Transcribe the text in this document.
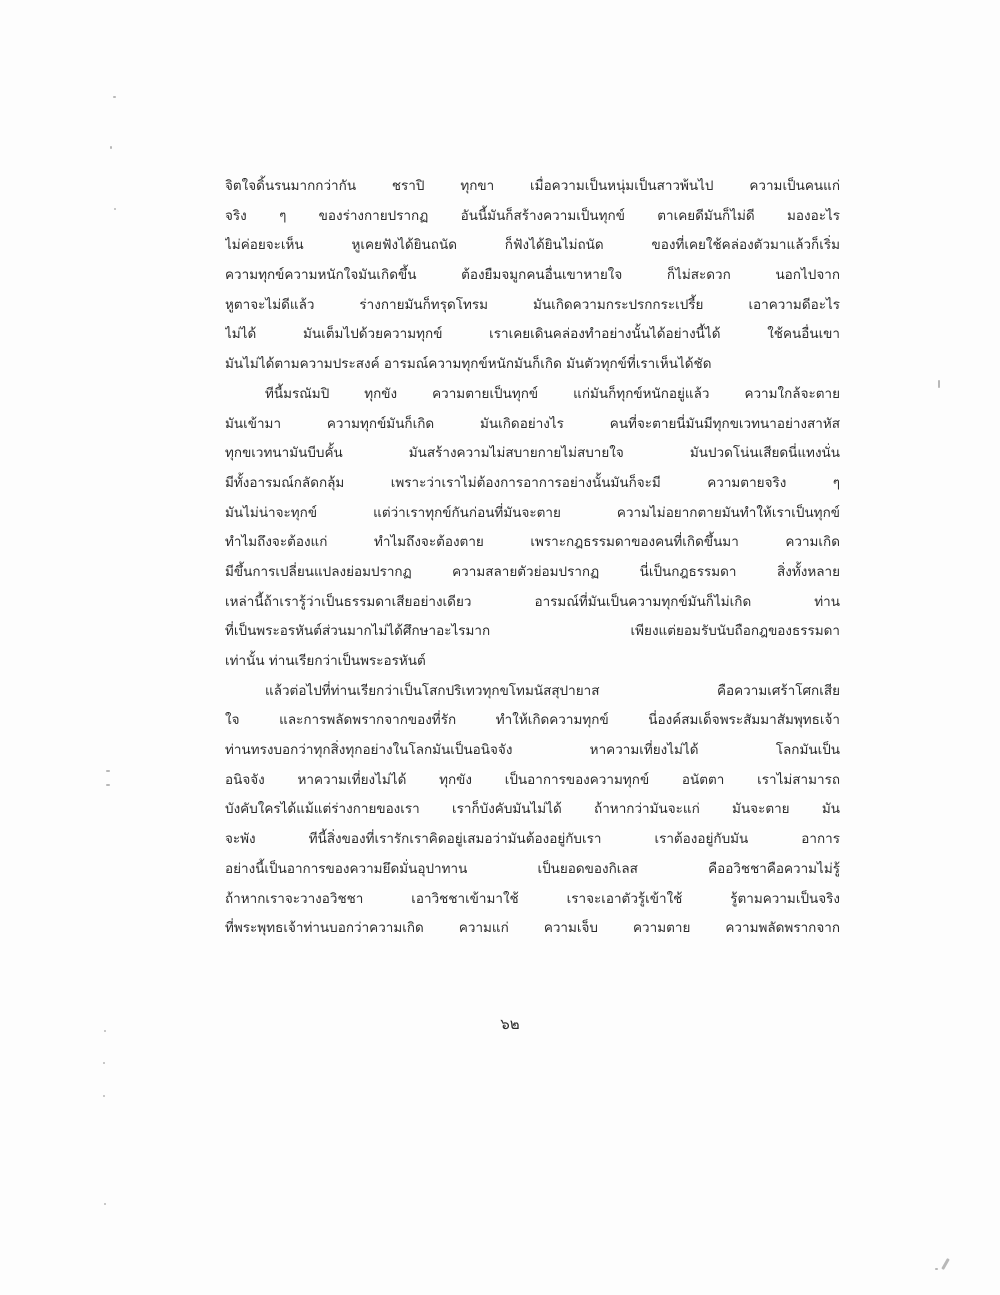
จิตใจดิ้นรนมากกว่ากัน ชราปิ ทุกขา เมื่อความเป็นหนุ่มเป็นสาวพ้นไป ความเป็นคนแก่
จริง ๆ ของร่างกายปรากฏ อันนี้มันก็สร้างความเป็นทุกข์ ตาเคยดีมันก็ไม่ดี มองอะไร
ไม่ค่อยจะเห็น หูเคยฟังได้ยินถนัด ก็ฟังได้ยินไม่ถนัด ของที่เคยใช้คล่องตัวมาแล้วก็เริ่ม
ความทุกข์ความหนักใจมันเกิดขึ้น ต้องยืมจมูกคนอื่นเขาหายใจ ก็ไม่สะดวก นอกไปจาก
หูตาจะไม่ดีแล้ว ร่างกายมันก็ทรุดโทรม มันเกิดความกระปรกกระเปรี้ย เอาความดีอะไร
ไม่ได้ มันเต็มไปด้วยความทุกข์ เราเคยเดินคล่องทำอย่างนั้นได้อย่างนี้ได้ ใช้คนอื่นเขา
มันไม่ได้ตามความประสงค์ อารมณ์ความทุกข์หนักมันก็เกิด มันตัวทุกข์ที่เราเห็นได้ชัด
ทีนี้มรณัมปิ ทุกขัง ความตายเป็นทุกข์ แก่มันก็ทุกข์หนักอยู่แล้ว ความใกล้จะตาย
มันเข้ามา ความทุกข์มันก็เกิด มันเกิดอย่างไร คนที่จะตายนี่มันมีทุกขเวทนาอย่างสาหัส
ทุกขเวทนามันบีบคั้น มันสร้างความไม่สบายกายไม่สบายใจ มันปวดโน่นเสียดนี่แทงนั่น
มีทั้งอารมณ์กลัดกลุ้ม เพราะว่าเราไม่ต้องการอาการอย่างนั้นมันก็จะมี ความตายจริง ๆ
มันไม่น่าจะทุกข์ แต่ว่าเราทุกข์กันก่อนที่มันจะตาย ความไม่อยากตายมันทำให้เราเป็นทุกข์
ทำไมถึงจะต้องแก่ ทำไมถึงจะต้องตาย เพราะกฎธรรมดาของคนที่เกิดขึ้นมา ความเกิด
มีขึ้นการเปลี่ยนแปลงย่อมปรากฏ ความสลายตัวย่อมปรากฏ นี่เป็นกฎธรรมดา สิ่งทั้งหลาย
เหล่านี้ถ้าเรารู้ว่าเป็นธรรมดาเสียอย่างเดียว อารมณ์ที่มันเป็นความทุกข์มันก็ไม่เกิด ท่าน
ที่เป็นพระอรหันต์ส่วนมากไม่ได้ศึกษาอะไรมาก เพียงแต่ยอมรับนับถือกฎของธรรมดา
เท่านั้น ท่านเรียกว่าเป็นพระอรหันต์
แล้วต่อไปที่ท่านเรียกว่าเป็นโสกปริเทวทุกขโทมนัสสุปายาส คือความเศร้าโศกเสีย
ใจ และการพลัดพรากจากของที่รัก ทำให้เกิดความทุกข์ นี่องค์สมเด็จพระสัมมาสัมพุทธเจ้า
ท่านทรงบอกว่าทุกสิ่งทุกอย่างในโลกมันเป็นอนิจจัง หาความเที่ยงไม่ได้ โลกมันเป็น
อนิจจัง หาความเที่ยงไม่ได้ ทุกขัง เป็นอาการของความทุกข์ อนัตตา เราไม่สามารถ
บังคับใครได้แม้แต่ร่างกายของเรา เราก็บังคับมันไม่ได้ ถ้าหากว่ามันจะแก่ มันจะตาย มัน
จะพัง ทีนี้สิ่งของที่เรารักเราคิดอยู่เสมอว่ามันต้องอยู่กับเรา เราต้องอยู่กับมัน อาการ
อย่างนี้เป็นอาการของความยึดมั่นอุปาทาน เป็นยอดของกิเลส คืออวิชชาคือความไม่รู้
ถ้าหากเราจะวางอวิชชา เอาวิชชาเข้ามาใช้ เราจะเอาตัวรู้เข้าใช้ รู้ตามความเป็นจริง
ที่พระพุทธเจ้าท่านบอกว่าความเกิด ความแก่ ความเจ็บ ความตาย ความพลัดพรากจาก
๖๒
